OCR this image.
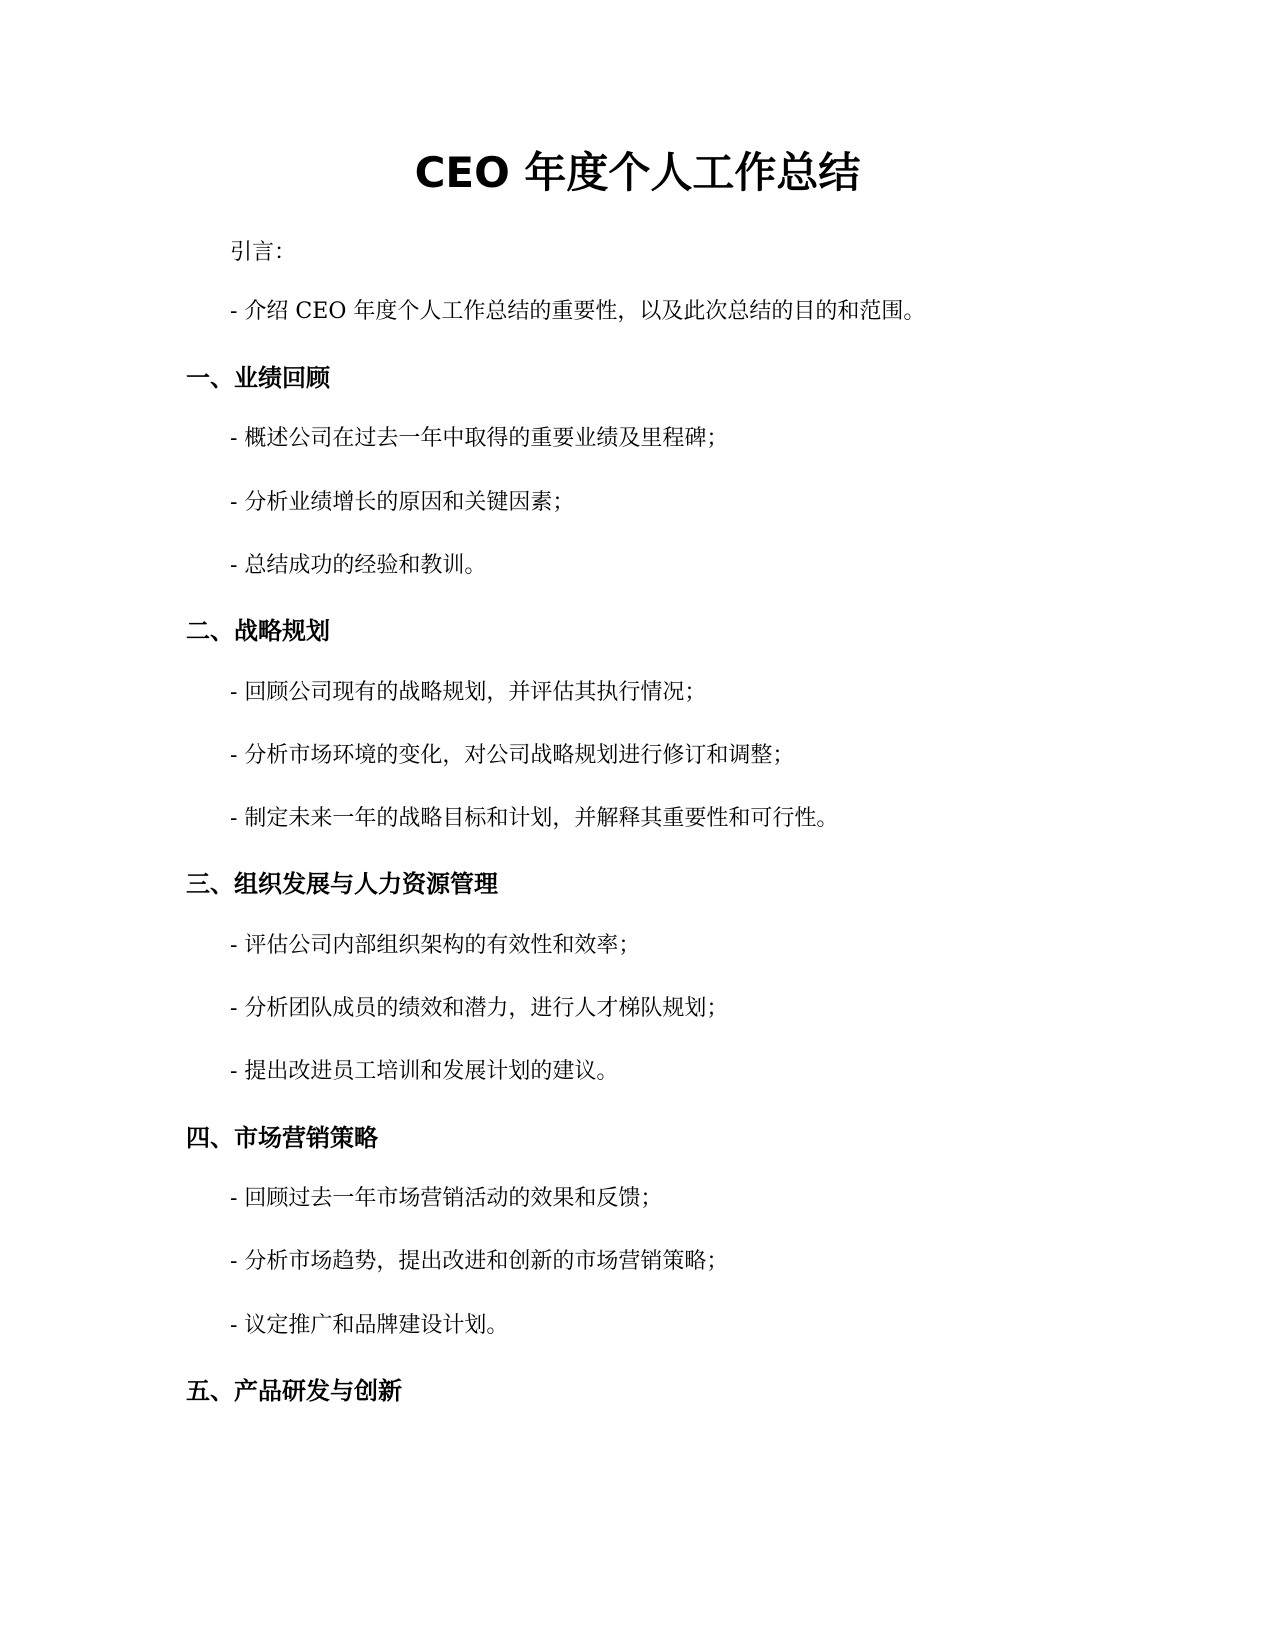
CEO 年度个人工作总结
引言：
- 介绍 CEO 年度个人工作总结的重要性，以及此次总结的目的和范围。
一、业绩回顾
- 概述公司在过去一年中取得的重要业绩及里程碑；
- 分析业绩增长的原因和关键因素；
- 总结成功的经验和教训。
二、战略规划
- 回顾公司现有的战略规划，并评估其执行情况；
- 分析市场环境的变化，对公司战略规划进行修订和调整；
- 制定未来一年的战略目标和计划，并解释其重要性和可行性。
三、组织发展与人力资源管理
- 评估公司内部组织架构的有效性和效率；
- 分析团队成员的绩效和潜力，进行人才梯队规划；
- 提出改进员工培训和发展计划的建议。
四、市场营销策略
- 回顾过去一年市场营销活动的效果和反馈；
- 分析市场趋势，提出改进和创新的市场营销策略；
- 议定推广和品牌建设计划。
五、产品研发与创新
